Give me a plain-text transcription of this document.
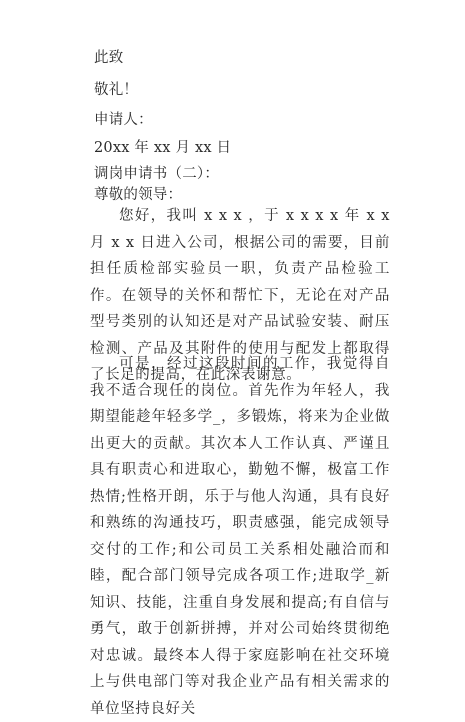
此致
敬礼！
申请人：
20xx 年 xx 月 xx 日
调岗申请书（二）：
尊敬的领导：
您好，我叫 x x x ，于 x x x x 年 x x 月 x x 日进入公司，根据公司的需要，目前担任质检部实验员一职，负责产品检验工作。在领导的关怀和帮忙下，无论在对产品型号类别的认知还是对产品试验安装、耐压检测、产品及其附件的使用与配发上都取得了长足的提高，在此深表谢意。
可是，经过这段时间的工作，我觉得自我不适合现任的岗位。首先作为年轻人，我期望能趁年轻多学_，多锻炼，将来为企业做出更大的贡献。其次本人工作认真、严谨且具有职责心和进取心，勤勉不懈，极富工作热情;性格开朗，乐于与他人沟通，具有良好和熟练的沟通技巧，职责感强，能完成领导交付的工作;和公司员工关系相处融洽而和睦，配合部门领导完成各项工作;进取学_新知识、技能，注重自身发展和提高;有自信与勇气，敢于创新拼搏，并对公司始终贯彻绝对忠诚。最终本人得于家庭影响在社交环境上与供电部门等对我企业产品有相关需求的单位坚持良好关
